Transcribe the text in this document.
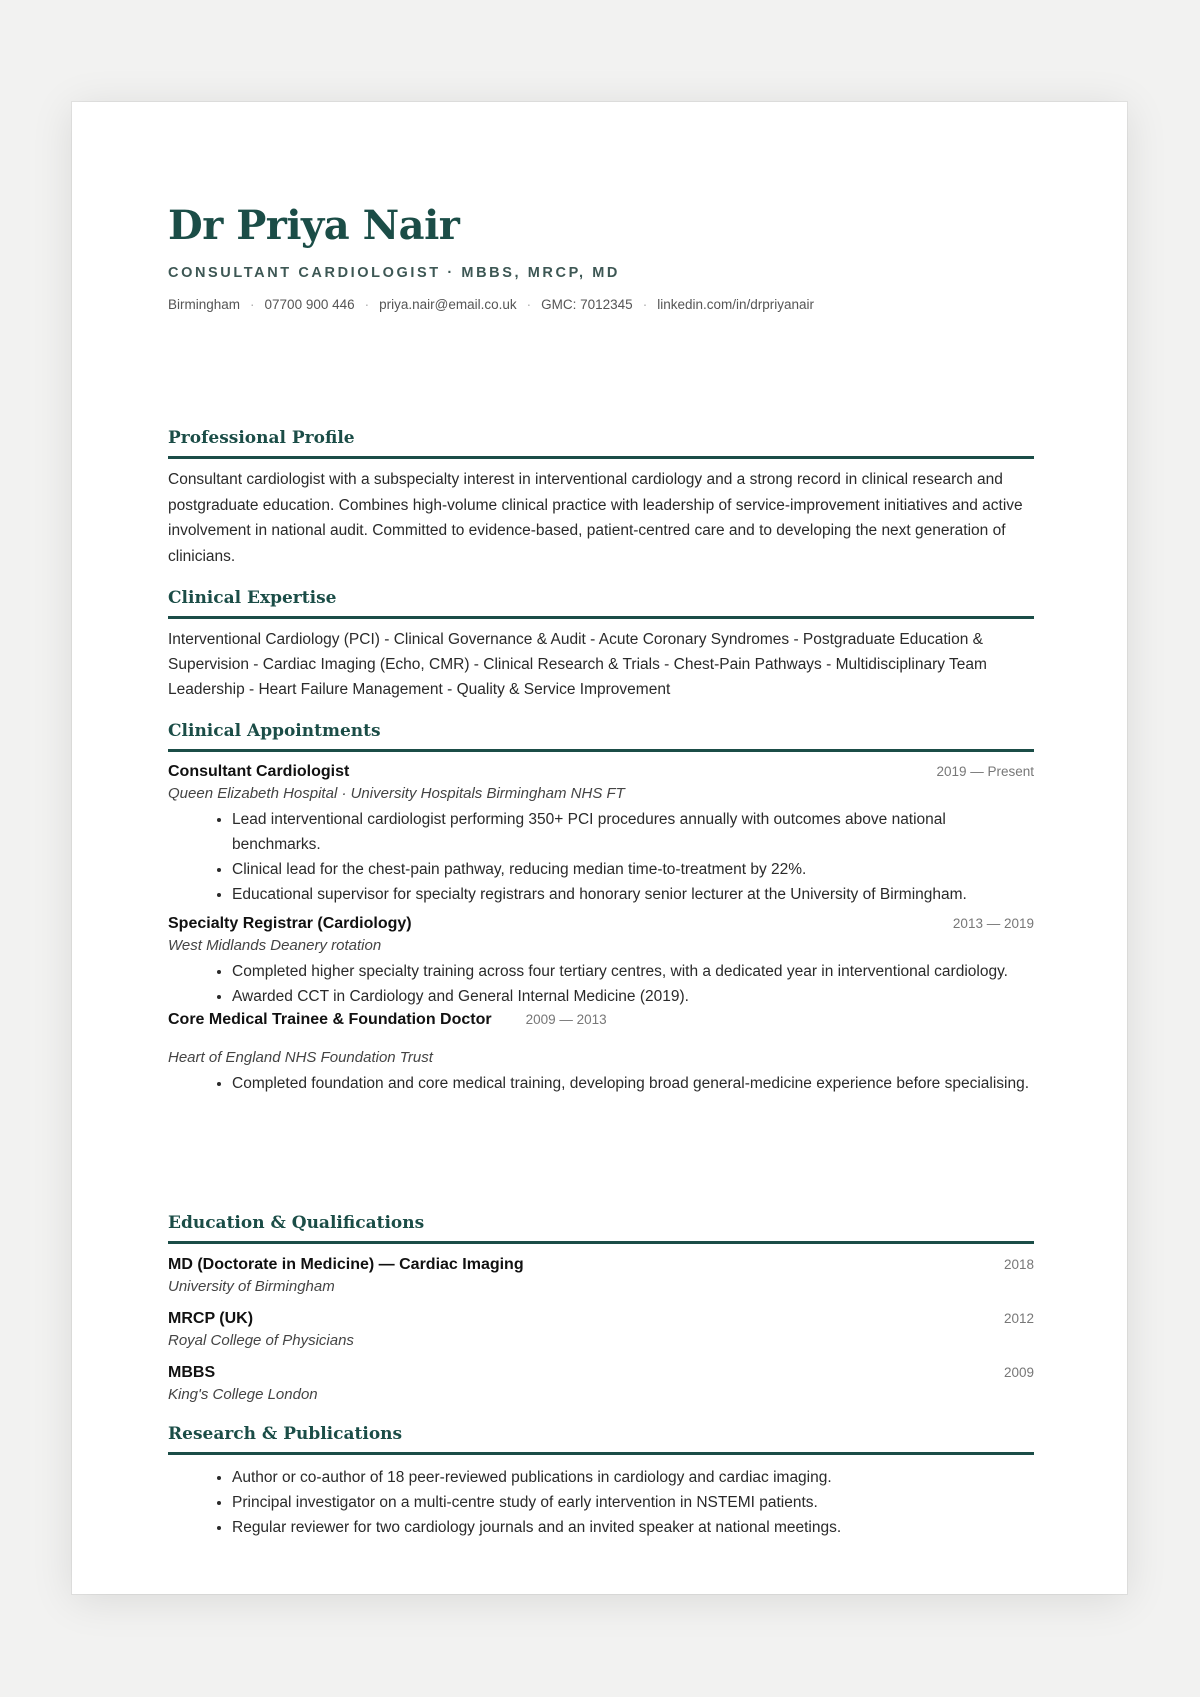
Dr Priya Nair
CONSULTANT CARDIOLOGIST · MBBS, MRCP, MD
Birmingham · 07700 900 446 · priya.nair@email.co.uk · GMC: 7012345 · linkedin.com/in/drpriyanair
Professional Profile

Consultant cardiologist with a subspecialty interest in interventional cardiology and a strong record in clinical research and postgraduate education. Combines high-volume clinical practice with leadership of service-improvement initiatives and active involvement in national audit. Committed to evidence-based, patient-centred care and to developing the next generation of clinicians.

Clinical Expertise

Interventional Cardiology (PCI) - Clinical Governance & Audit - Acute Coronary Syndromes - Postgraduate Education & Supervision - Cardiac Imaging (Echo, CMR) - Clinical Research & Trials - Chest-Pain Pathways - Multidisciplinary Team Leadership - Heart Failure Management - Quality & Service Improvement

Clinical Appointments
Consultant Cardiologist	2019 — Present
Queen Elizabeth Hospital · University Hospitals Birmingham NHS FT
• Lead interventional cardiologist performing 350+ PCI procedures annually with outcomes above national benchmarks.
• Clinical lead for the chest-pain pathway, reducing median time-to-treatment by 22%.
• Educational supervisor for specialty registrars and honorary senior lecturer at the University of Birmingham.
Specialty Registrar (Cardiology)	2013 — 2019
West Midlands Deanery rotation
• Completed higher specialty training across four tertiary centres, with a dedicated year in interventional cardiology.
• Awarded CCT in Cardiology and General Internal Medicine (2019).
Core Medical Trainee & Foundation Doctor	2009 — 2013
Heart of England NHS Foundation Trust
• Completed foundation and core medical training, developing broad general-medicine experience before specialising.
Education & Qualifications
MD (Doctorate in Medicine) — Cardiac Imaging	2018
University of Birmingham
MRCP (UK)	2012
Royal College of Physicians
MBBS	2009
King's College London
Research & Publications
• Author or co-author of 18 peer-reviewed publications in cardiology and cardiac imaging.
• Principal investigator on a multi-centre study of early intervention in NSTEMI patients.
• Regular reviewer for two cardiology journals and an invited speaker at national meetings.
